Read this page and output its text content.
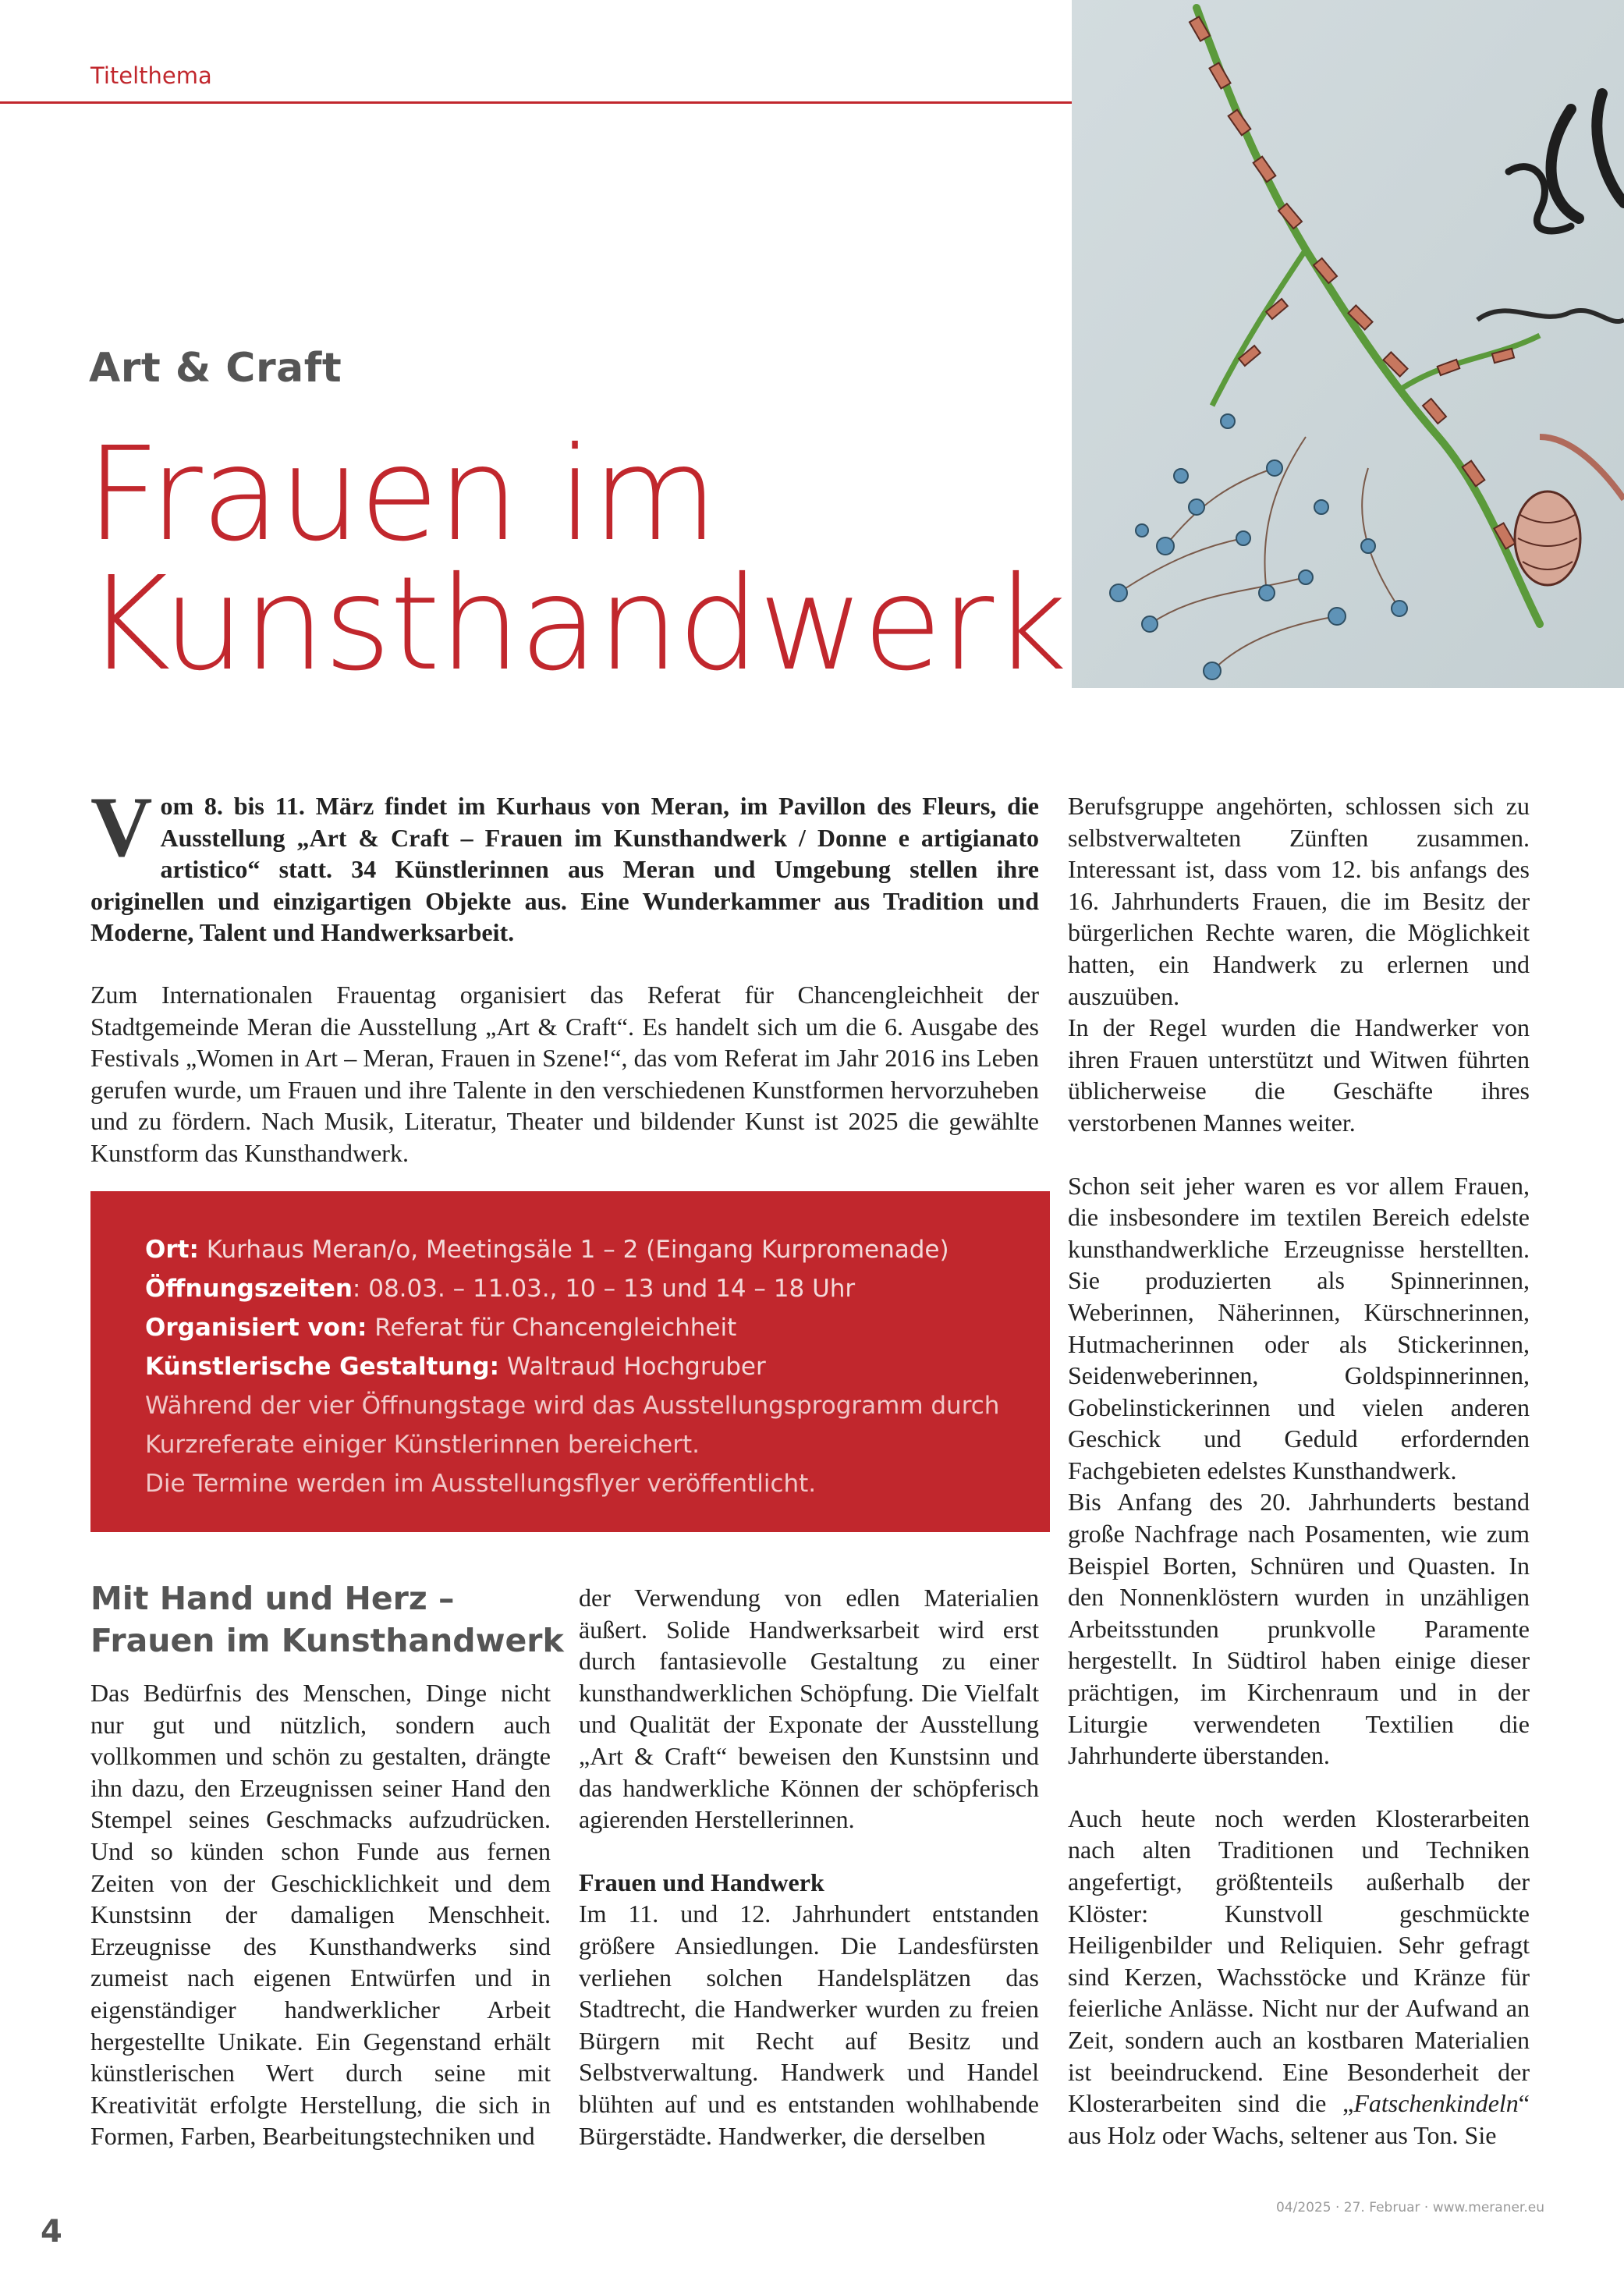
Titelthema
Art & Craft
Frauen im
Kunsthandwerk

Vom 8. bis 11. März findet im Kurhaus von Meran, im Pavillon des Fleurs, die Ausstellung „Art & Craft – Frauen im Kunsthandwerk / Donne e artigianato artistico“ statt. 34 Künstlerinnen aus Meran und Umgebung stellen ihre originellen und einzigartigen Objekte aus. Eine Wunderkammer aus Tradition und Moderne, Talent und Handwerksarbeit.

Zum Internationalen Frauentag organisiert das Referat für Chancengleichheit der Stadtgemeinde Meran die Ausstellung „Art & Craft“. Es handelt sich um die 6. Ausgabe des Festivals „Women in Art – Meran, Frauen in Szene!“, das vom Referat im Jahr 2016 ins Leben gerufen wurde, um Frauen und ihre Talente in den verschiedenen Kunstformen hervorzuheben und zu fördern. Nach Musik, Literatur, Theater und bildender Kunst ist 2025 die gewählte Kunstform das Kunsthandwerk.

Ort: Kurhaus Meran/o, Meetingsäle 1 – 2 (Eingang Kurpromenade)
Öffnungszeiten: 08.03. – 11.03., 10 – 13 und 14 – 18 Uhr
Organisiert von: Referat für Chancengleichheit
Künstlerische Gestaltung: Waltraud Hochgruber
Während der vier Öffnungstage wird das Ausstellungsprogramm durch
Kurzreferate einiger Künstlerinnen bereichert.
Die Termine werden im Ausstellungsflyer veröffentlicht.
Mit Hand und Herz – Frauen im Kunsthandwerk

Das Bedürfnis des Menschen, Dinge nicht nur gut und nützlich, sondern auch vollkommen und schön zu gestalten, drängte ihn dazu, den Erzeugnissen seiner Hand den Stempel seines Geschmacks aufzudrücken. Und so künden schon Funde aus fernen Zeiten von der Geschicklichkeit und dem Kunstsinn der damaligen Menschheit. Erzeugnisse des Kunsthandwerks sind zumeist nach eigenen Entwürfen und in eigenständiger handwerklicher Arbeit hergestellte Unikate. Ein Gegenstand erhält künstlerischen Wert durch seine mit Kreativität erfolgte Herstellung, die sich in Formen, Farben, Bearbeitungstechniken und

der Verwendung von edlen Materialien äußert. Solide Handwerksarbeit wird erst durch fantasievolle Gestaltung zu einer kunsthandwerklichen Schöpfung. Die Vielfalt und Qualität der Exponate der Ausstellung „Art & Craft“ beweisen den Kunstsinn und das handwerkliche Können der schöpferisch agierenden Herstellerinnen.

Frauen und Handwerk

Im 11. und 12. Jahrhundert entstanden größere Ansiedlungen. Die Landesfürsten verliehen solchen Handelsplätzen das Stadtrecht, die Handwerker wurden zu freien Bürgern mit Recht auf Besitz und Selbstverwaltung. Handwerk und Handel blühten auf und es entstanden wohlhabende Bürgerstädte. Handwerker, die derselben

Berufsgruppe angehörten, schlossen sich zu selbstverwalteten Zünften zusammen. Interessant ist, dass vom 12. bis anfangs des 16. Jahrhunderts Frauen, die im Besitz der bürgerlichen Rechte waren, die Möglichkeit hatten, ein Handwerk zu erlernen und auszuüben.

In der Regel wurden die Handwerker von ihren Frauen unterstützt und Witwen führten üblicherweise die Geschäfte ihres verstorbenen Mannes weiter.

Schon seit jeher waren es vor allem Frauen, die insbesondere im textilen Bereich edelste kunsthandwerkliche Erzeugnisse herstellten. Sie produzierten als Spinnerinnen, Weberinnen, Näherinnen, Kürschnerinnen, Hutmacherinnen oder als Stickerinnen, Seidenweberinnen, Goldspinnerinnen, Gobelinstickerinnen und vielen anderen Geschick und Geduld erfordernden Fachgebieten edelstes Kunsthandwerk.

Bis Anfang des 20. Jahrhunderts bestand große Nachfrage nach Posamenten, wie zum Beispiel Borten, Schnüren und Quasten. In den Nonnenklöstern wurden in unzähligen Arbeitsstunden prunkvolle Paramente hergestellt. In Südtirol haben einige dieser prächtigen, im Kirchenraum und in der Liturgie verwendeten Textilien die Jahrhunderte überstanden.

Auch heute noch werden Klosterarbeiten nach alten Traditionen und Techniken angefertigt, größtenteils außerhalb der Klöster: Kunstvoll geschmückte Heiligenbilder und Reliquien. Sehr gefragt sind Kerzen, Wachsstöcke und Kränze für feierliche Anlässe. Nicht nur der Aufwand an Zeit, sondern auch an kostbaren Materialien ist beeindruckend. Eine Besonderheit der Klosterarbeiten sind die „Fatschenkindeln“ aus Holz oder Wachs, seltener aus Ton. Sie

4
04/2025 · 27. Februar · www.meraner.eu
